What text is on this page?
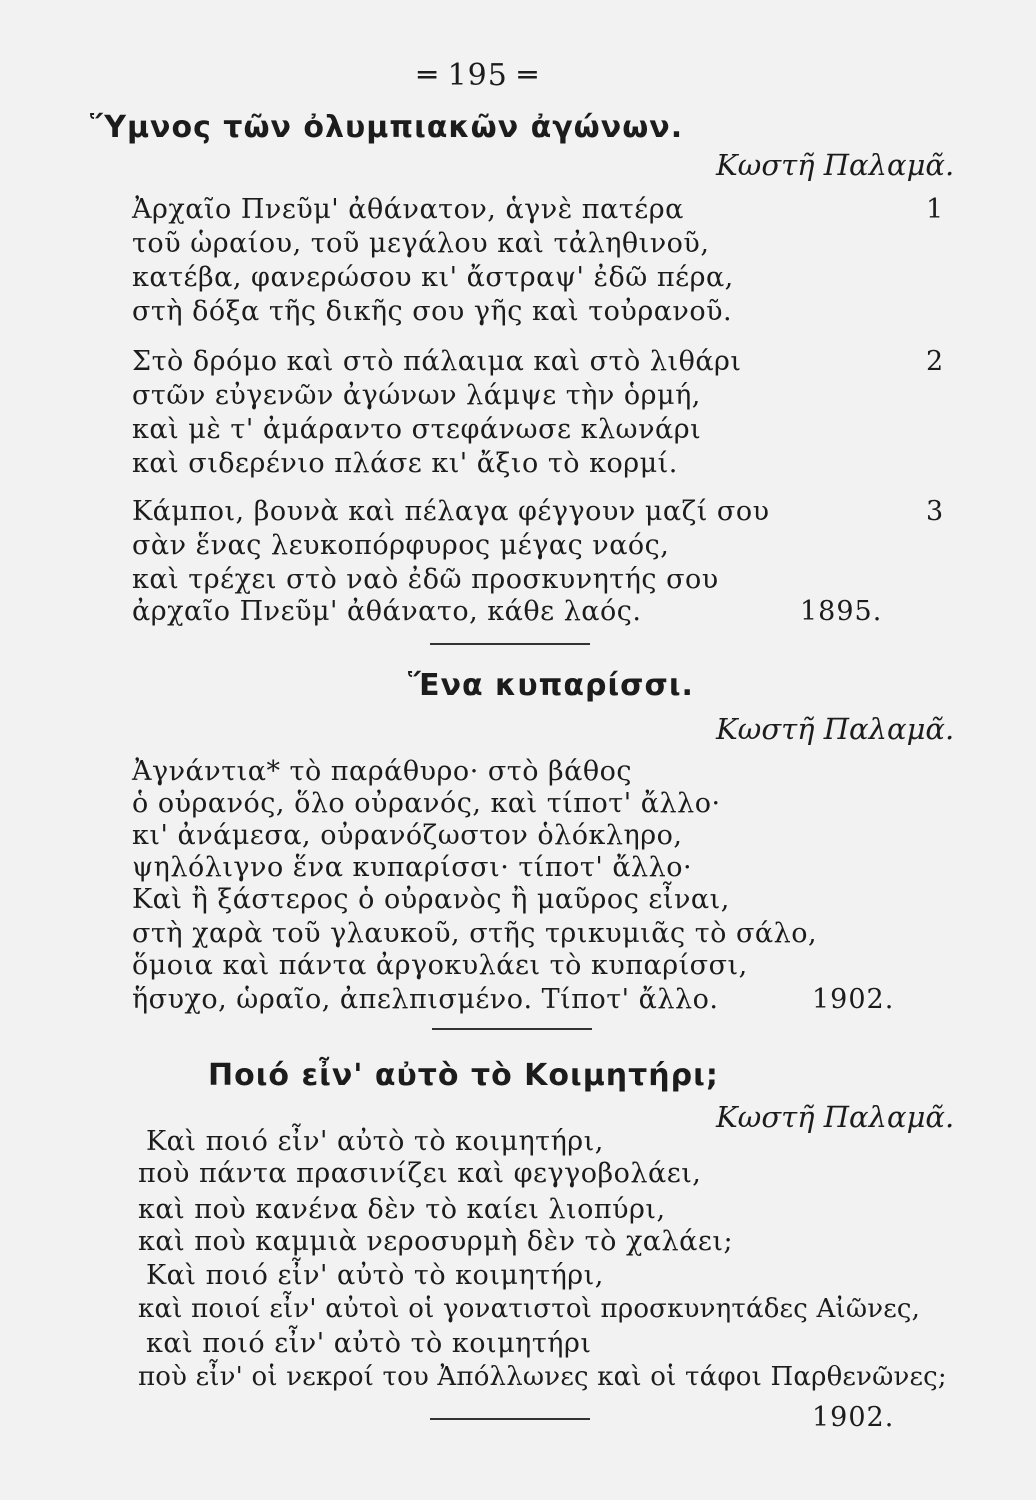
═ 195 ═
Ὕμνος τῶν ὀλυμπιακῶν ἀγώνων.
Κωστῆ Παλαμᾶ.
Ἀρχαῖο Πνεῦμ' ἀθάνατον, ἁγνὲ πατέρα	1
τοῦ ὡραίου, τοῦ μεγάλου καὶ τἀληθινοῦ,
κατέβα, φανερώσου κι' ἄστραψ' ἐδῶ πέρα,
στὴ δόξα τῆς δικῆς σου γῆς καὶ τοὐρανοῦ.
Στὸ δρόμο καὶ στὸ πάλαιμα καὶ στὸ λιθάρι	2
στῶν εὐγενῶν ἀγώνων λάμψε τὴν ὁρμή,
καὶ μὲ τ' ἀμάραντο στεφάνωσε κλωνάρι
καὶ σιδερένιο πλάσε κι' ἄξιο τὸ κορμί.
Κάμποι, βουνὰ καὶ πέλαγα φέγγουν μαζί σου	3
σὰν ἕνας λευκοπόρφυρος μέγας ναός,
καὶ τρέχει στὸ ναὸ ἐδῶ προσκυνητής σου
ἀρχαῖο Πνεῦμ' ἀθάνατο, κάθε λαός.	1895.
Ἕνα κυπαρίσσι.
Κωστῆ Παλαμᾶ.
Ἀγνάντια* τὸ παράθυρο· στὸ βάθος
ὁ οὐρανός, ὅλο οὐρανός, καὶ τίποτ' ἄλλο·
κι' ἀνάμεσα, οὐρανόζωστον ὁλόκληρο,
ψηλόλιγνο ἕνα κυπαρίσσι· τίποτ' ἄλλο·
Καὶ ἢ ξάστερος ὁ οὐρανὸς ἢ μαῦρος εἶναι,
στὴ χαρὰ τοῦ γλαυκοῦ, στῆς τρικυμιᾶς τὸ σάλο,
ὅμοια καὶ πάντα ἀργοκυλάει τὸ κυπαρίσσι,
ἥσυχο, ὡραῖο, ἀπελπισμένο. Τίποτ' ἄλλο.	1902.
Ποιό εἶν' αὐτὸ τὸ Κοιμητήρι;
Κωστῆ Παλαμᾶ.
Καὶ ποιό εἶν' αὐτὸ τὸ κοιμητήρι,
ποὺ πάντα πρασινίζει καὶ φεγγοβολάει,
καὶ ποὺ κανένα δὲν τὸ καίει λιοπύρι,
καὶ ποὺ καμμιὰ νεροσυρμὴ δὲν τὸ χαλάει;
Καὶ ποιό εἶν' αὐτὸ τὸ κοιμητήρι,
καὶ ποιοί εἶν' αὐτοὶ οἱ γονατιστοὶ προσκυνητάδες Αἰῶνες,
καὶ ποιό εἶν' αὐτὸ τὸ κοιμητήρι
ποὺ εἶν' οἱ νεκροί του Ἀπόλλωνες καὶ οἱ τάφοι Παρθενῶνες;
1902.
